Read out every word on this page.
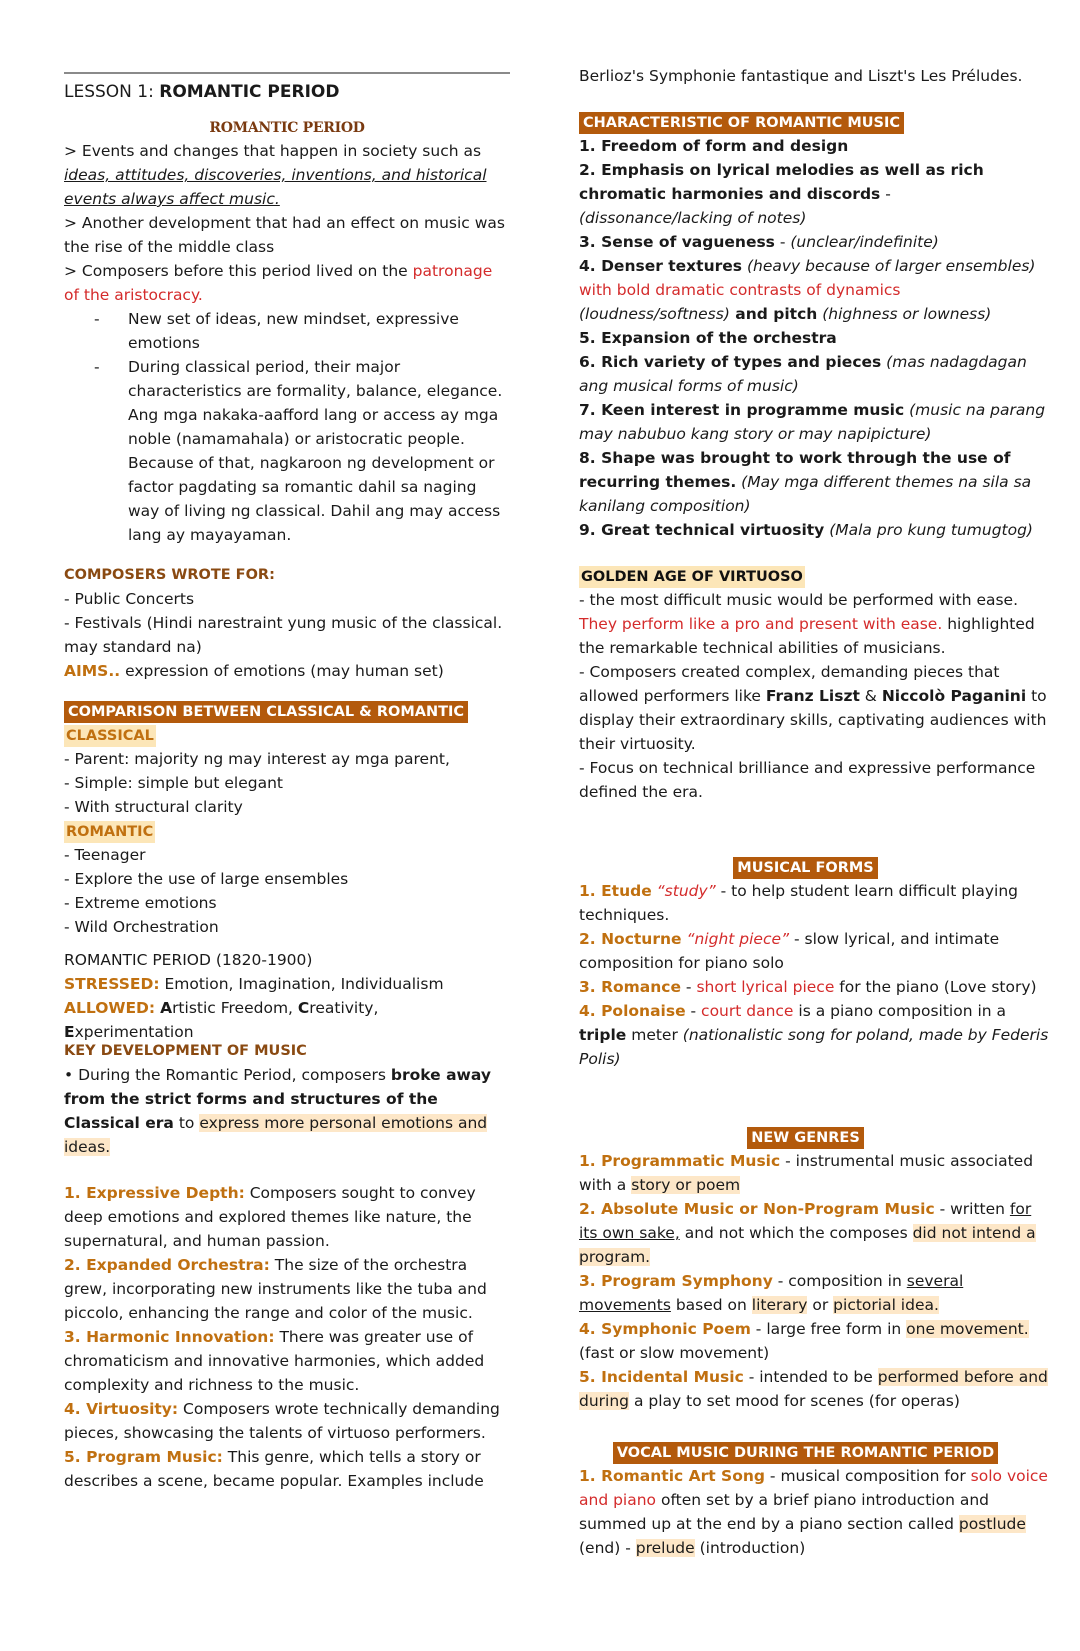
LESSON 1: ROMANTIC PERIOD
ROMANTIC PERIOD

> Events and changes that happen in society such as ideas, attitudes, discoveries, inventions, and historical events always affect music.

> Another development that had an effect on music was the rise of the middle class

> Composers before this period lived on the patronage of the aristocracy.

- New set of ideas, new mindset, expressive emotions
- During classical period, their major characteristics are formality, balance, elegance. Ang mga nakaka-aafford lang or access ay mga noble (namamahala) or aristocratic people. Because of that, nagkaroon ng development or factor pagdating sa romantic dahil sa naging way of living ng classical. Dahil ang may access lang ay mayayaman.

COMPOSERS WROTE FOR:

- Public Concerts

- Festivals (Hindi narestraint yung music of the classical. may standard na)

AIMS.. expression of emotions (may human set)

COMPARISON BETWEEN CLASSICAL & ROMANTIC
CLASSICAL

- Parent: majority ng may interest ay mga parent,

- Simple: simple but elegant

- With structural clarity

ROMANTIC

- Teenager

- Explore the use of large ensembles

- Extreme emotions

- Wild Orchestration

ROMANTIC PERIOD (1820-1900)

STRESSED: Emotion, Imagination, Individualism

ALLOWED: Artistic Freedom, Creativity, Experimentation

KEY DEVELOPMENT OF MUSIC

• During the Romantic Period, composers broke away from the strict forms and structures of the Classical era to express more personal emotions and ideas.

1. Expressive Depth: Composers sought to convey deep emotions and explored themes like nature, the supernatural, and human passion.

2. Expanded Orchestra: The size of the orchestra grew, incorporating new instruments like the tuba and piccolo, enhancing the range and color of the music.

3. Harmonic Innovation: There was greater use of chromaticism and innovative harmonies, which added complexity and richness to the music.

4. Virtuosity: Composers wrote technically demanding pieces, showcasing the talents of virtuoso performers.

5. Program Music: This genre, which tells a story or describes a scene, became popular. Examples include

Berlioz's Symphonie fantastique and Liszt's Les Préludes.

CHARACTERISTIC OF ROMANTIC MUSIC

1. Freedom of form and design

2. Emphasis on lyrical melodies as well as rich chromatic harmonies and discords - (dissonance/lacking of notes)

3. Sense of vagueness - (unclear/indefinite)

4. Denser textures (heavy because of larger ensembles) with bold dramatic contrasts of dynamics (loudness/softness) and pitch (highness or lowness)

5. Expansion of the orchestra

6. Rich variety of types and pieces (mas nadagdagan ang musical forms of music)

7. Keen interest in programme music (music na parang may nabubuo kang story or may napipicture)

8. Shape was brought to work through the use of recurring themes. (May mga different themes na sila sa kanilang composition)

9. Great technical virtuosity (Mala pro kung tumugtog)

GOLDEN AGE OF VIRTUOSO

- the most difficult music would be performed with ease. They perform like a pro and present with ease. highlighted the remarkable technical abilities of musicians.

- Composers created complex, demanding pieces that allowed performers like Franz Liszt & Niccolò Paganini to display their extraordinary skills, captivating audiences with their virtuosity.

- Focus on technical brilliance and expressive performance defined the era.

MUSICAL FORMS

1. Etude “study” - to help student learn difficult playing techniques.

2. Nocturne “night piece” - slow lyrical, and intimate composition for piano solo

3. Romance - short lyrical piece for the piano (Love story)

4. Polonaise - court dance is a piano composition in a triple meter (nationalistic song for poland, made by Federis Polis)

NEW GENRES

1. Programmatic Music - instrumental music associated with a story or poem

2. Absolute Music or Non-Program Music - written for its own sake, and not which the composes did not intend a program.

3. Program Symphony - composition in several movements based on literary or pictorial idea.

4. Symphonic Poem - large free form in one movement. (fast or slow movement)

5. Incidental Music - intended to be performed before and during a play to set mood for scenes (for operas)

VOCAL MUSIC DURING THE ROMANTIC PERIOD

1. Romantic Art Song - musical composition for solo voice and piano often set by a brief piano introduction and summed up at the end by a piano section called postlude (end) - prelude (introduction)
